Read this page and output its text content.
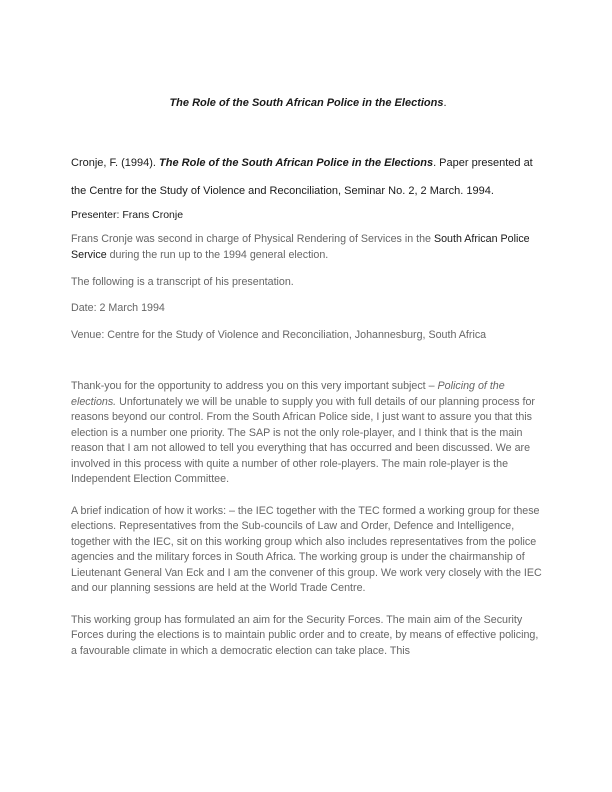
The Role of the South African Police in the Elections.

Cronje, F. (1994). The Role of the South African Police in the Elections. Paper presented at the Centre for the Study of Violence and Reconciliation, Seminar No. 2, 2 March. 1994.

Presenter: Frans Cronje

Frans Cronje was second in charge of Physical Rendering of Services in the South African Police Service during the run up to the 1994 general election.

The following is a transcript of his presentation.

Date: 2 March 1994

Venue: Centre for the Study of Violence and Reconciliation, Johannesburg, South Africa

Thank-you for the opportunity to address you on this very important subject – Policing of the elections. Unfortunately we will be unable to supply you with full details of our planning process for reasons beyond our control. From the South African Police side, I just want to assure you that this election is a number one priority. The SAP is not the only role-player, and I think that is the main reason that I am not allowed to tell you everything that has occurred and been discussed. We are involved in this process with quite a number of other role-players. The main role-player is the Independent Election Committee.

A brief indication of how it works: – the IEC together with the TEC formed a working group for these elections. Representatives from the Sub-councils of Law and Order, Defence and Intelligence, together with the IEC, sit on this working group which also includes representatives from the police agencies and the military forces in South Africa. The working group is under the chairmanship of Lieutenant General Van Eck and I am the convener of this group. We work very closely with the IEC and our planning sessions are held at the World Trade Centre.

This working group has formulated an aim for the Security Forces. The main aim of the Security Forces during the elections is to maintain public order and to create, by means of effective policing, a favourable climate in which a democratic election can take place. This
